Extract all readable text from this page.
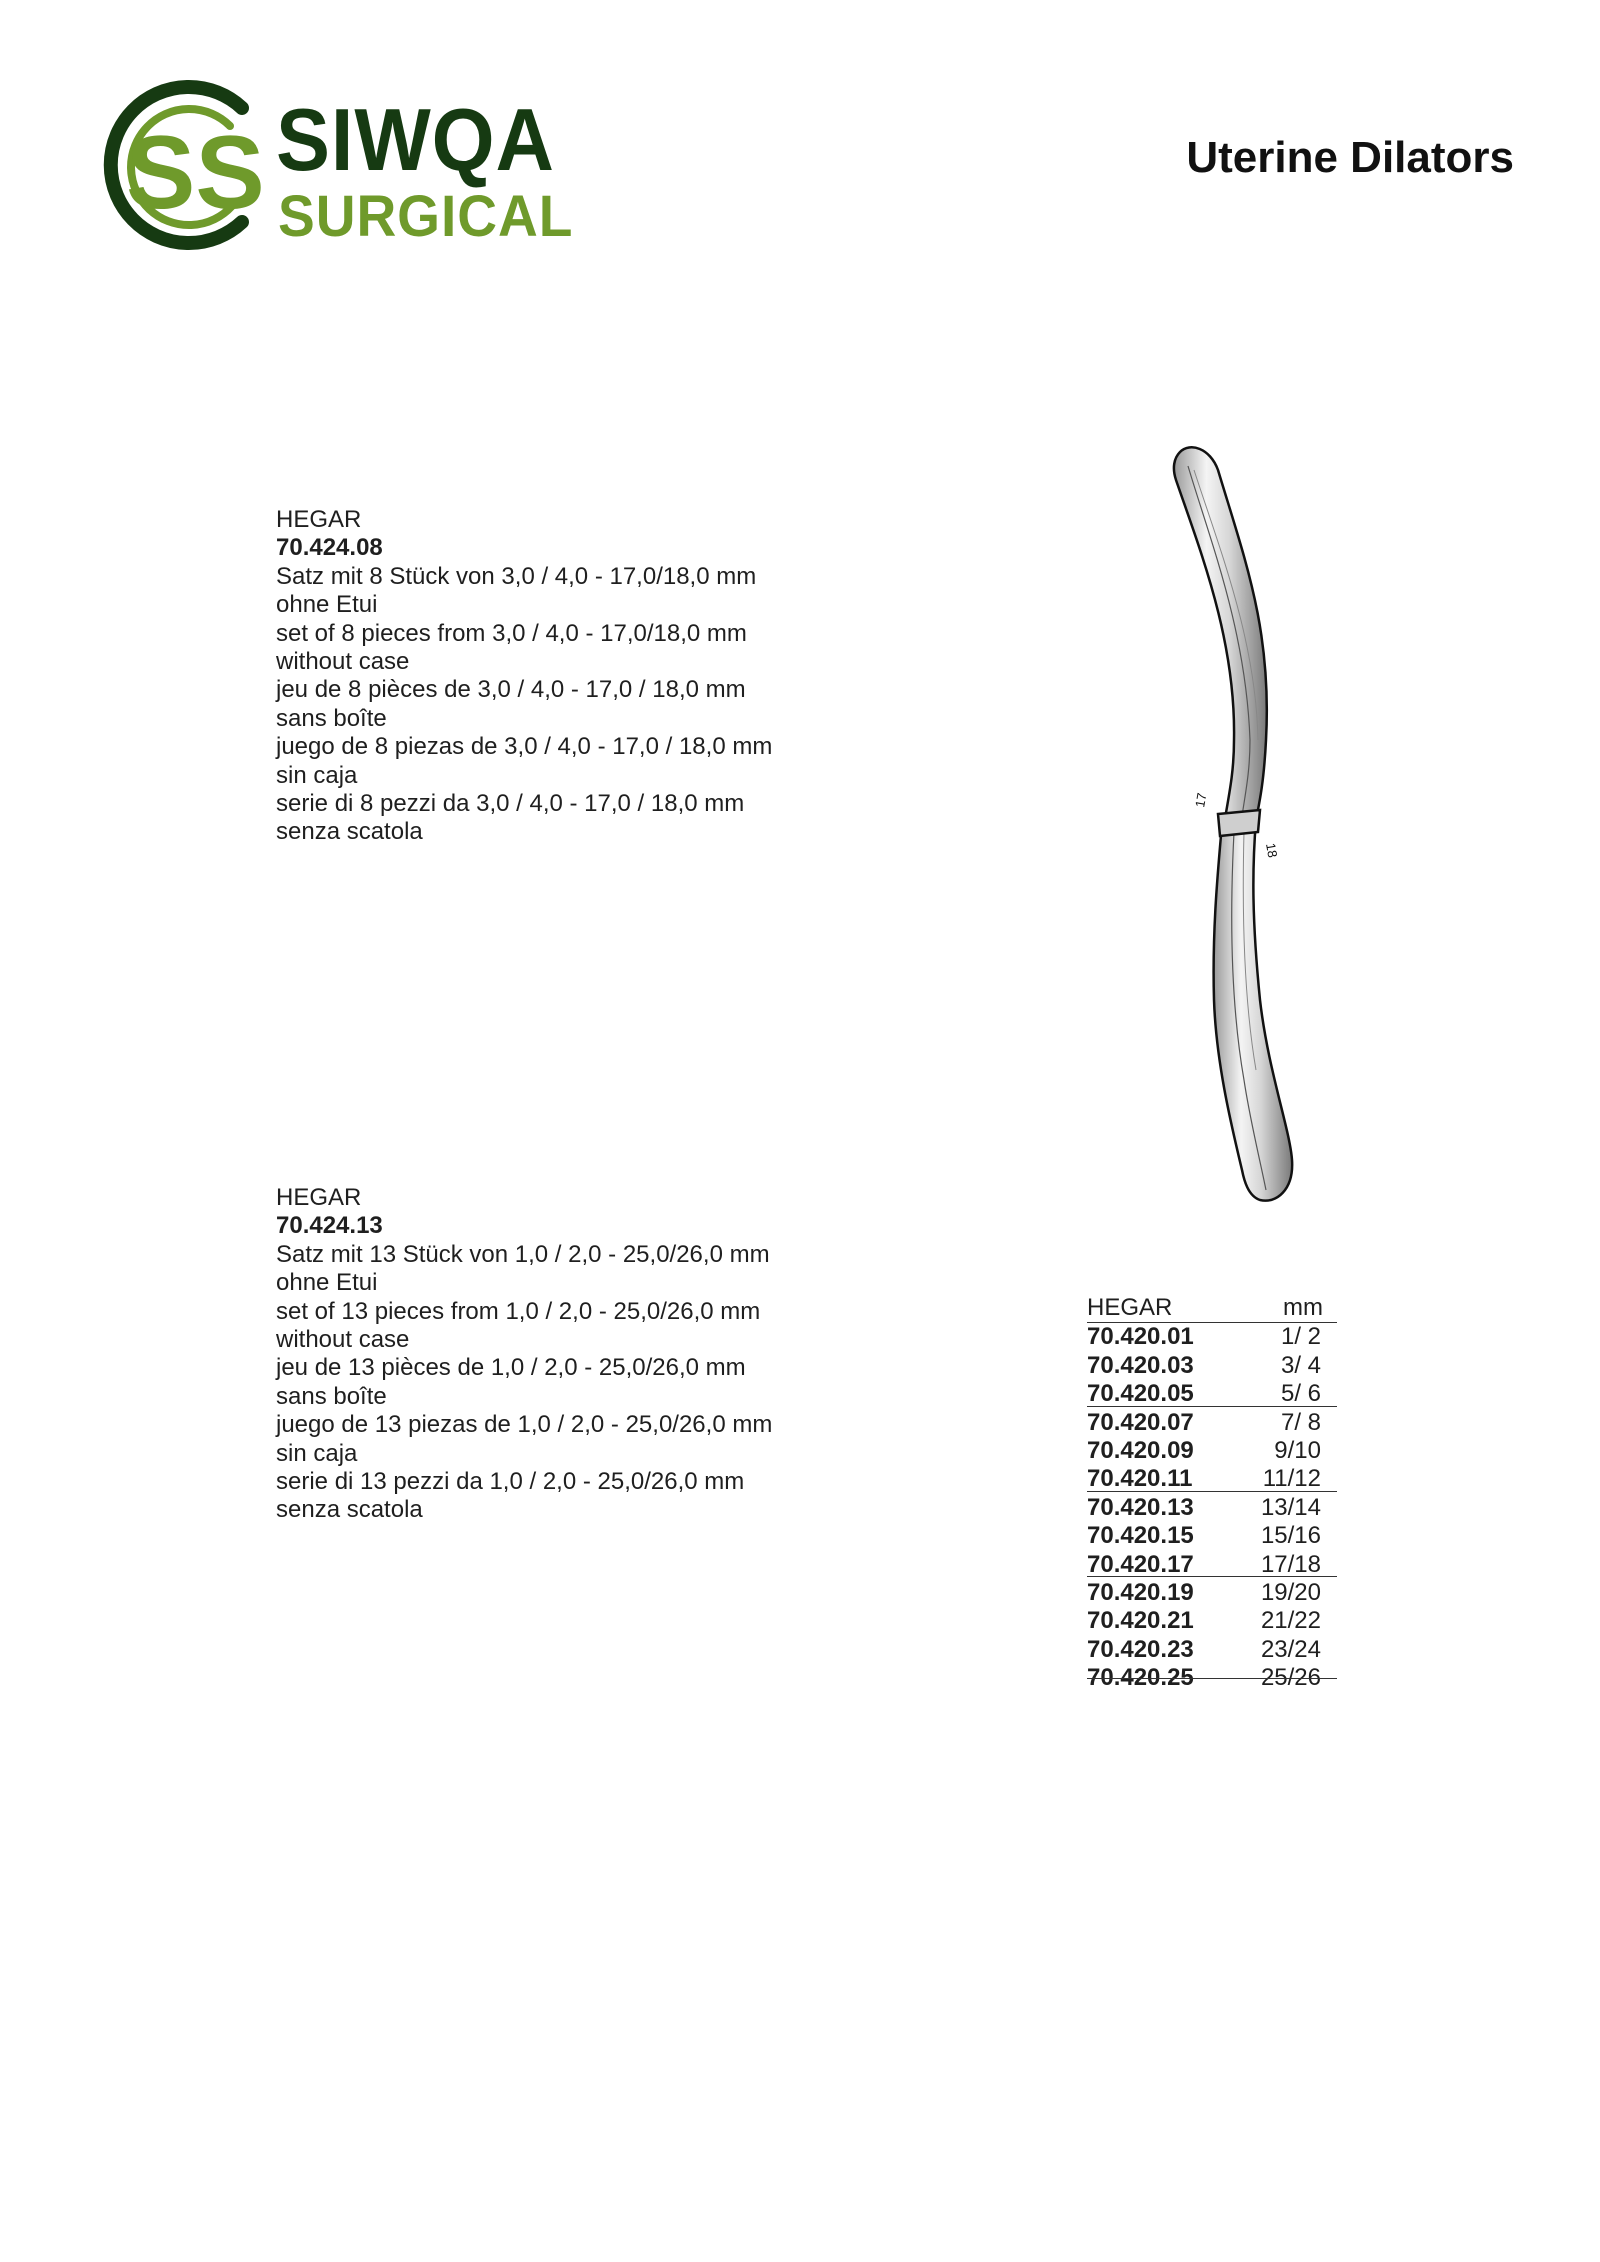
SS SIWQA
SURGICAL
Uterine Dilators
HEGAR
70.424.08
Satz mit 8 Stück von 3,0 / 4,0 - 17,0/18,0 mm
ohne Etui
set of 8 pieces from 3,0 / 4,0 - 17,0/18,0 mm
without case
jeu de 8 pièces de 3,0 / 4,0 - 17,0 / 18,0 mm
sans boîte
juego de 8 piezas de 3,0 / 4,0 - 17,0 / 18,0 mm
sin caja
serie di 8 pezzi da 3,0 / 4,0 - 17,0 / 18,0 mm
senza scatola
HEGAR
70.424.13
Satz mit 13 Stück von 1,0 / 2,0 - 25,0/26,0 mm
ohne Etui
set of 13 pieces from 1,0 / 2,0 - 25,0/26,0 mm
without case
jeu de 13 pièces de 1,0 / 2,0 - 25,0/26,0 mm
sans boîte
juego de 13 piezas de 1,0 / 2,0 - 25,0/26,0 mm
sin caja
serie di 13 pezzi da 1,0 / 2,0 - 25,0/26,0 mm
senza scatola
17
18
HEGAR	mm
70.420.01	1/ 2
70.420.03	3/ 4
70.420.05	5/ 6
70.420.07	7/ 8
70.420.09	9/10
70.420.11	11/12
70.420.13	13/14
70.420.15	15/16
70.420.17	17/18
70.420.19	19/20
70.420.21	21/22
70.420.23	23/24
70.420.25	25/26
